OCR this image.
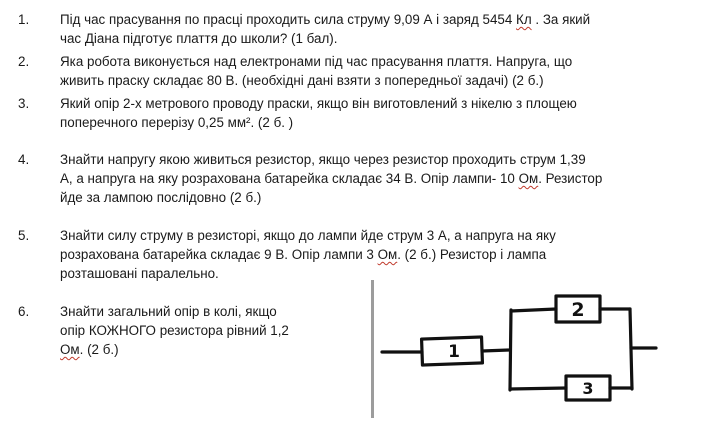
1.	Під час прасування по прасці проходить сила струму 9,09 А і заряд 5454 Кл . За який
час Діана підготує плаття до школи? (1 бал).
2.	Яка робота виконується над електронами під час прасування плаття. Напруга, що
живить праску складає 80 В. (необхідні дані взяти з попередньої задачі) (2 б.)
3.	Який опір 2-х метрового проводу праски, якщо він виготовлений з нікелю з площею
поперечного перерізу 0,25 мм². (2 б. )
4.	Знайти напругу якою живиться резистор, якщо через резистор проходить струм 1,39
А, а напруга на яку розрахована батарейка складає 34 В. Опір лампи- 10 Ом. Резистор
йде за лампою послідовно (2 б.)
5.	Знайти силу струму в резисторі, якщо до лампи йде струм 3 А, а напруга на яку
розрахована батарейка складає 9 В. Опір лампи 3 Ом. (2 б.) Резистор і лампа
розташовані паралельно.
6.	Знайти загальний опір в колі, якщо
опір КОЖНОГО резистора рівний 1,2
Ом. (2 б.)	1
2
3
